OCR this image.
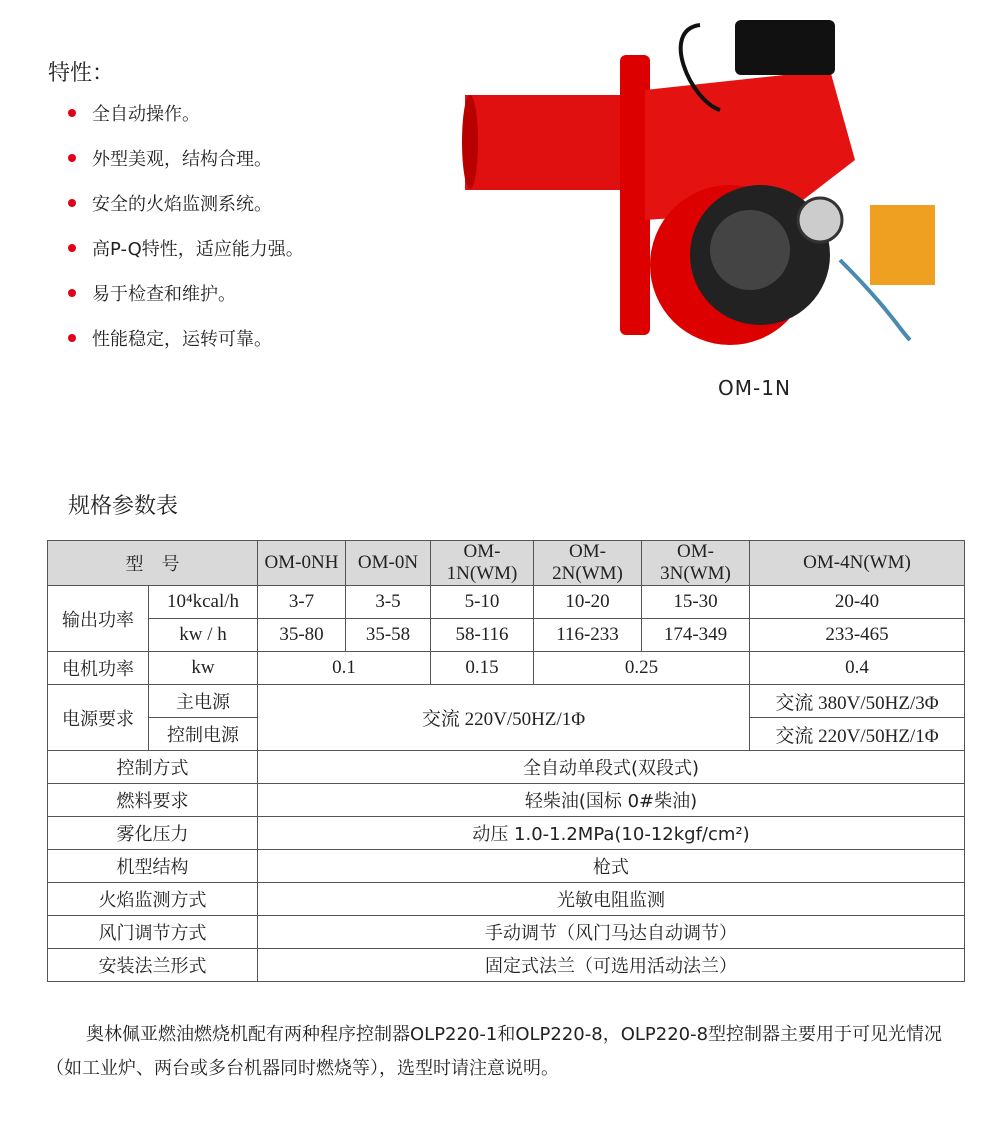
特性：
全自动操作。
外型美观，结构合理。
安全的火焰监测系统。
高P-Q特性，适应能力强。
易于检查和维护。
性能稳定，运转可靠。
OM-1N
规格参数表
型　号		OM-0NH	OM-0N	OM-1N(WM)	OM-2N(WM)	OM-3N(WM)	OM-4N(WM)
输出功率	10⁴kcal/h	3-7	3-5	5-10	10-20	15-30	20-40
	kw / h	35-80	35-58	58-116	116-233	174-349	233-465
电机功率	kw	0.1		0.15	0.25		0.4
电源要求	主电源	交流 220V/50HZ/1Φ					交流 380V/50HZ/3Φ
	控制电源						交流 220V/50HZ/1Φ
控制方式		全自动单段式(双段式)					
燃料要求		轻柴油(国标 0#柴油)					
雾化压力		动压 1.0-1.2MPa(10-12kgf/cm²)					
机型结构		枪式					
火焰监测方式		光敏电阻监测					
风门调节方式		手动调节（风门马达自动调节）					
安装法兰形式		固定式法兰（可选用活动法兰）					
奥林佩亚燃油燃烧机配有两种程序控制器OLP220-1和OLP220-8，OLP220-8型控制器主要用于可见光情况（如工业炉、两台或多台机器同时燃烧等），选型时请注意说明。
